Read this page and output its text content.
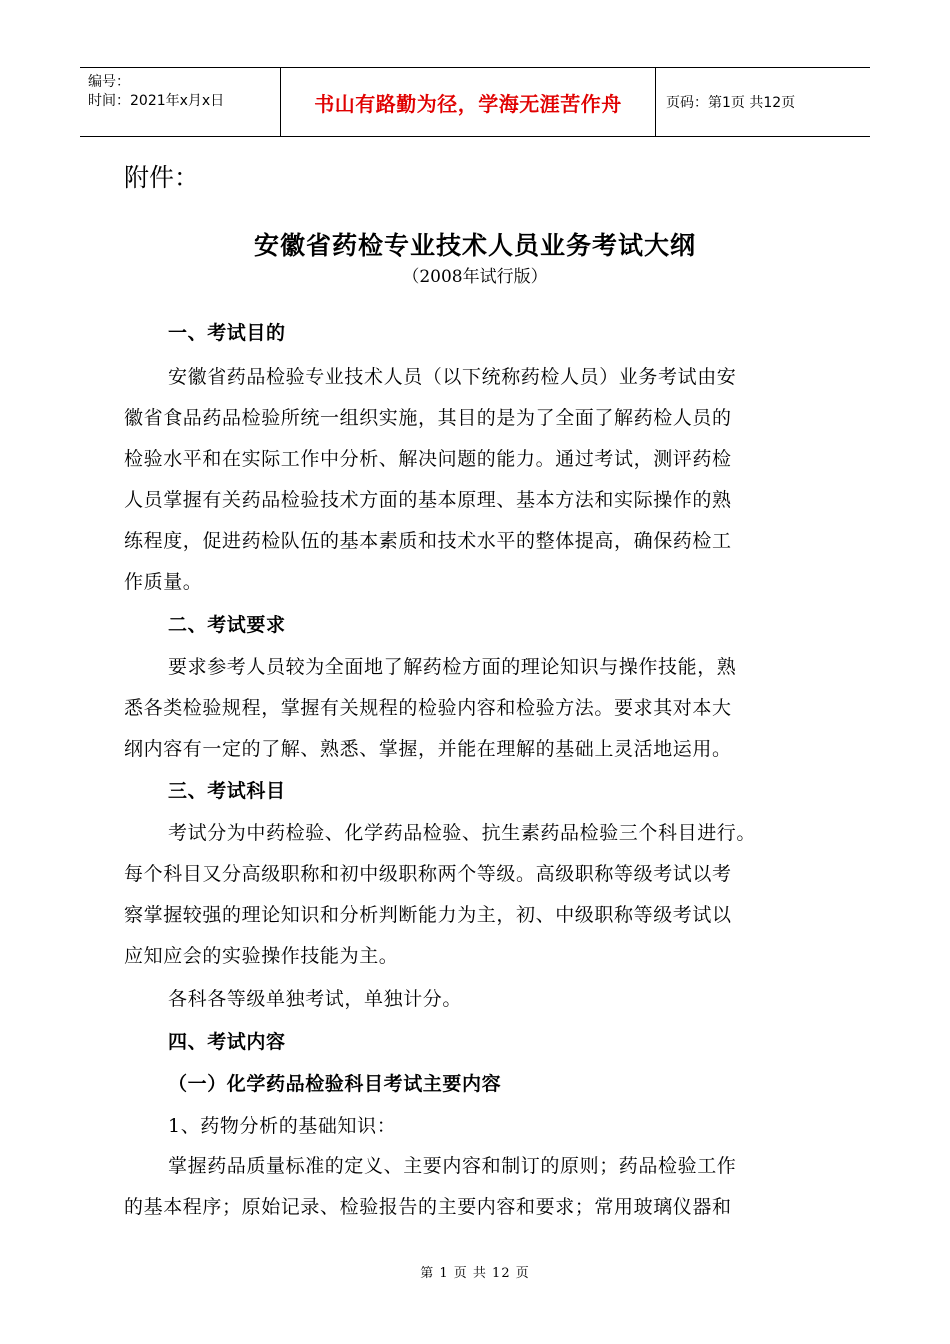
编号：
时间：2021年x月x日	书山有路勤为径，学海无涯苦作舟	页码：第1页 共12页
附件：
安徽省药检专业技术人员业务考试大纲
（2008年试行版）
一、考试目的
安徽省药品检验专业技术人员（以下统称药检人员）业务考试由安
徽省食品药品检验所统一组织实施，其目的是为了全面了解药检人员的
检验水平和在实际工作中分析、解决问题的能力。通过考试，测评药检
人员掌握有关药品检验技术方面的基本原理、基本方法和实际操作的熟
练程度，促进药检队伍的基本素质和技术水平的整体提高，确保药检工
作质量。
二、考试要求
要求参考人员较为全面地了解药检方面的理论知识与操作技能，熟
悉各类检验规程，掌握有关规程的检验内容和检验方法。要求其对本大
纲内容有一定的了解、熟悉、掌握，并能在理解的基础上灵活地运用。
三、考试科目
考试分为中药检验、化学药品检验、抗生素药品检验三个科目进行。
每个科目又分高级职称和初中级职称两个等级。高级职称等级考试以考
察掌握较强的理论知识和分析判断能力为主，初、中级职称等级考试以
应知应会的实验操作技能为主。
各科各等级单独考试，单独计分。
四、考试内容
（一）化学药品检验科目考试主要内容
1、药物分析的基础知识：
掌握药品质量标准的定义、主要内容和制订的原则；药品检验工作
的基本程序；原始记录、检验报告的主要内容和要求；常用玻璃仪器和
第 1 页 共 12 页
